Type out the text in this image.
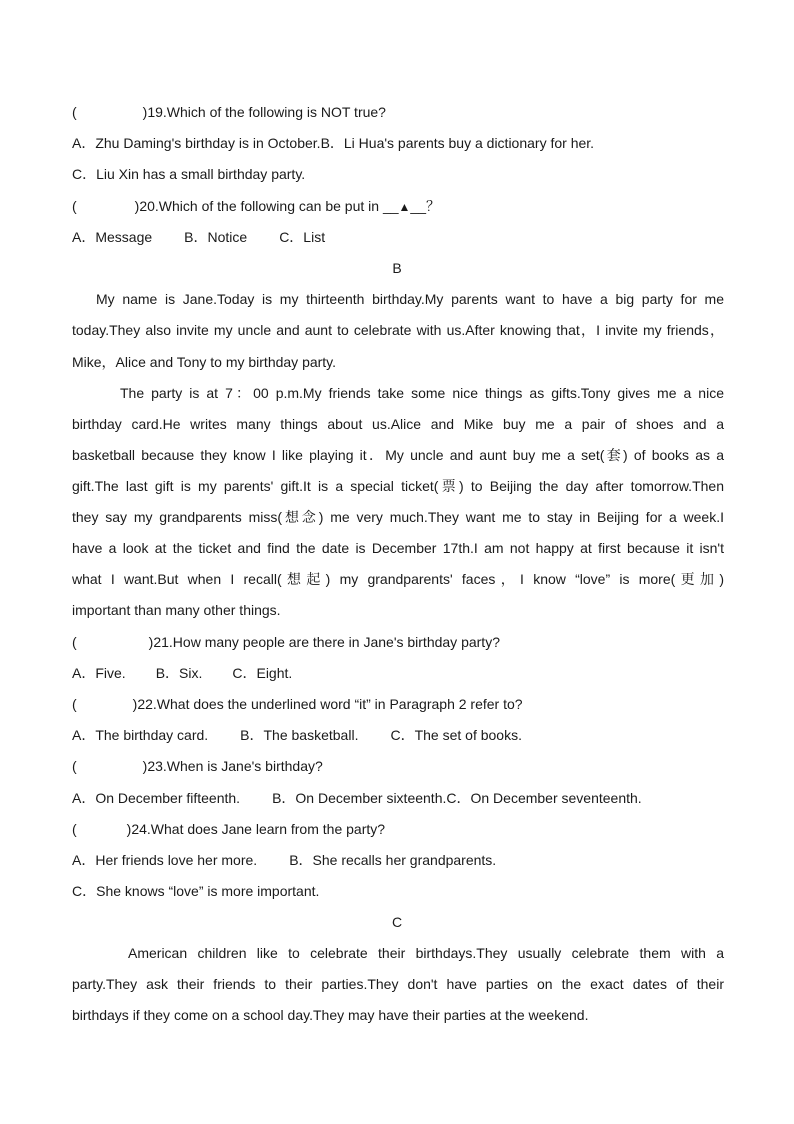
(	)19.Which of the following is NOT true?
A．Zhu Daming's birthday is in October.B．Li Hua's parents buy a dictionary for her.
C．Liu Xin has a small birthday party.
(	)20.Which of the following can be put in __▲__？
A．Message B．Notice C．List
B
My name is Jane.Today is my thirteenth birthday.My parents want to have a big party for me
today.They also invite my uncle and aunt to celebrate with us.After knowing that，I invite my friends，
Mike，Alice and Tony to my birthday party.
The party is at 7：00 p.m.My friends take some nice things as gifts.Tony gives me a nice
birthday card.He writes many things about us.Alice and Mike buy me a pair of shoes and a
basketball because they know I like playing it．My uncle and aunt buy me a set(套) of books as a
gift.The last gift is my parents' gift.It is a special ticket(票) to Beijing the day after tomorrow.Then
they say my grandparents miss(想念) me very much.They want me to stay in Beijing for a week.I
have a look at the ticket and find the date is December 17th.I am not happy at first because it isn't
what I want.But when I recall(想起) my grandparents' faces，I know “love” is more(更加)
important than many other things.
(	)21.How many people are there in Jane's birthday party?
A．Five. B．Six. C．Eight.
(	)22.What does the underlined word “it” in Paragraph 2 refer to?
A．The birthday card. B．The basketball. C．The set of books.
(	)23.When is Jane's birthday?
A．On December fifteenth. B．On December sixteenth.C．On December seventeenth.
(	)24.What does Jane learn from the party?
A．Her friends love her more. B．She recalls her grandparents.
C．She knows “love” is more important.
C
American children like to celebrate their birthdays.They usually celebrate them with a
party.They ask their friends to their parties.They don't have parties on the exact dates of their
birthdays if they come on a school day.They may have their parties at the weekend.
